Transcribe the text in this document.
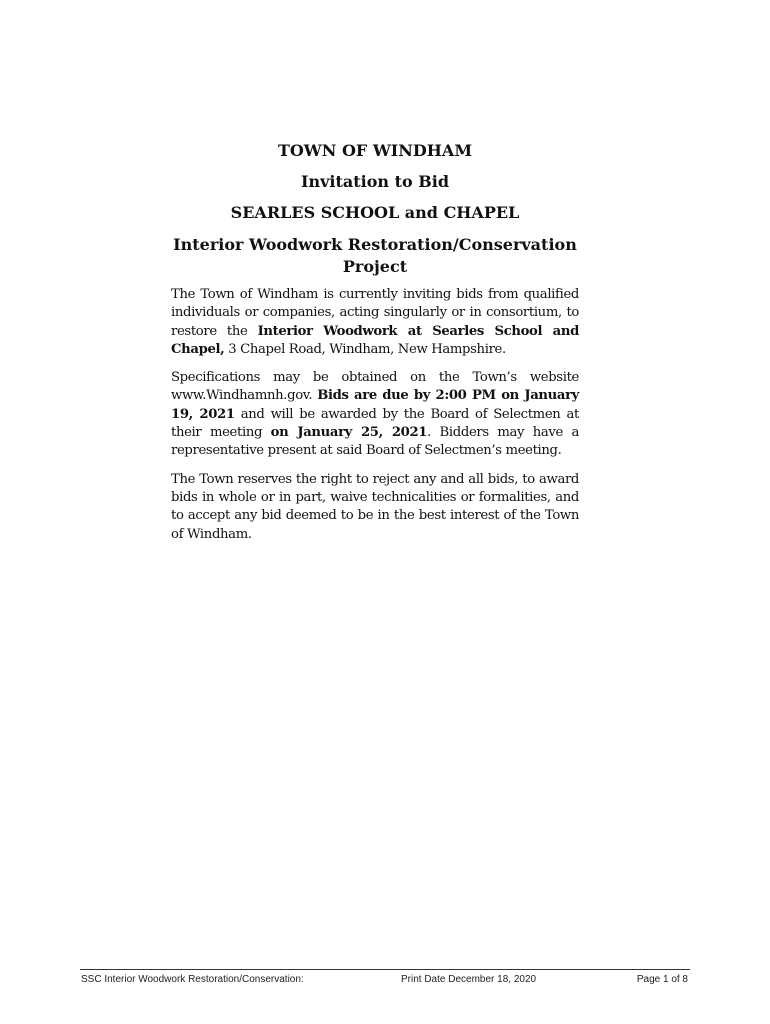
TOWN OF WINDHAM

Invitation to Bid

SEARLES SCHOOL and CHAPEL

Interior Woodwork Restoration/Conservation Project

The Town of Windham is currently inviting bids from qualified individuals or companies, acting singularly or in consortium, to restore the Interior Woodwork at Searles School and Chapel, 3 Chapel Road, Windham, New Hampshire.

Specifications may be obtained on the Town’s website www.Windhamnh.gov. Bids are due by 2:00 PM on January 19, 2021 and will be awarded by the Board of Selectmen at their meeting on January 25, 2021. Bidders may have a representative present at said Board of Selectmen’s meeting.

The Town reserves the right to reject any and all bids, to award bids in whole or in part, waive technicalities or formalities, and to accept any bid deemed to be in the best interest of the Town of Windham.

SSC Interior Woodwork Restoration/Conservation:	Print Date December 18, 2020	Page 1 of 8
